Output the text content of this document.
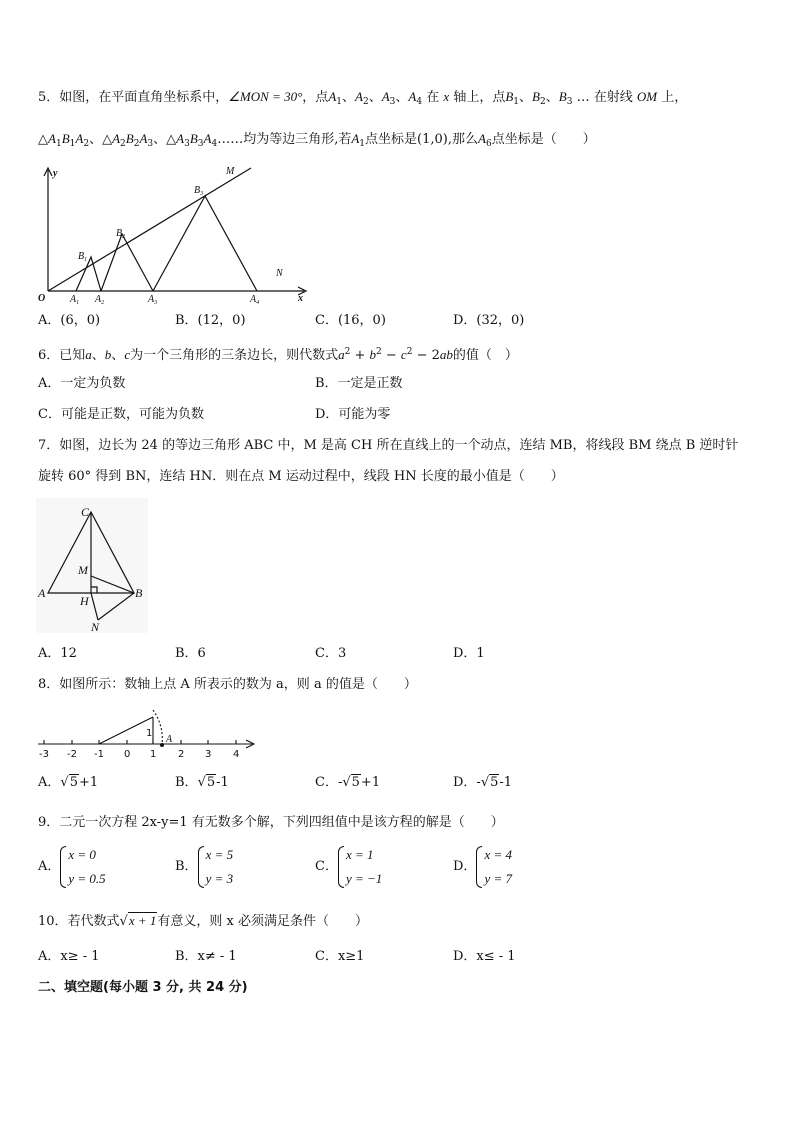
5．如图，在平面直角坐标系中，∠MON = 30°，点$A_1$、$A_2$、$A_3$、$A_4$ 在 x 轴上，点$B_1$、$B_2$、$B_3$ … 在射线 OM 上，
$\triangle A_1B_1A_2$、$\triangle A_2B_2A_3$、$\triangle A_3B_3A_4\dots\dots$均为等边三角形,若$A_1$点坐标是(1,0),那么$A_6$点坐标是（　　）
y
x
O
M
N
$B_1$
$B_2$
$B_3$
$A_1$ $A_2$	$A_3$	$A_4$
A．(6，0)	B．(12，0)	C．(16，0)	D．(32，0)
6．已知a、b、c为一个三角形的三条边长，则代数式$a^2 + b^2 - c^2 - 2ab$的值（　）
A．一定为负数	B．一定是正数
C．可能是正数，可能为负数	D．可能为零
7．如图，边长为 24 的等边三角形 ABC 中，M 是高 CH 所在直线上的一个动点，连结 MB，将线段 BM 绕点 B 逆时针
旋转 60° 得到 BN，连结 HN．则在点 M 运动过程中，线段 HN 长度的最小值是（　　）
C
M
A
H
B
N
A．12	B．6	C．3	D．1
8．如图所示：数轴上点 A 所表示的数为 a，则 a 的值是（　　）
-3 -2 -1 0 1 2 3 4
1
A
A．√5+1	B．√5-1	C．-√5+1	D．-√5-1
9．二元一次方程 2x-y=1 有无数多个解，下列四组值中是该方程的解是（　　）
A．x = 0
y = 0.5
B．x = 5
y = 3
C．x = 1
y = −1
D．x = 4
y = 7
10．若代数式√x + 1有意义，则 x 必须满足条件（　　）
A．x≥ - 1	B．x≠ - 1	C．x≥1	D．x≤ - 1
二、填空题(每小题 3 分, 共 24 分)
